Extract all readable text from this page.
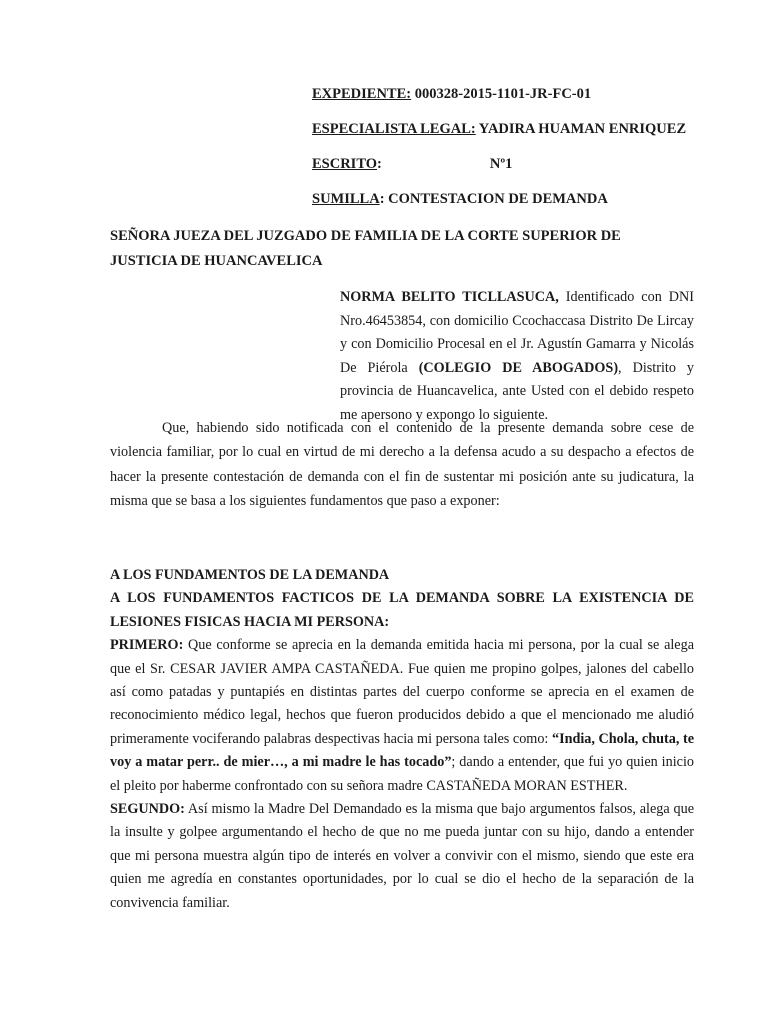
EXPEDIENTE: 000328-2015-1101-JR-FC-01
ESPECIALISTA LEGAL: YADIRA HUAMAN ENRIQUEZ
ESCRITO:	Nº1
SUMILLA: CONTESTACION DE DEMANDA
SEÑORA JUEZA DEL JUZGADO DE FAMILIA DE LA CORTE SUPERIOR DE JUSTICIA DE HUANCAVELICA
NORMA BELITO TICLLASUCA, Identificado con DNI Nro.46453854, con domicilio Ccochaccasa Distrito De Lircay y con Domicilio Procesal en el Jr. Agustín Gamarra y Nicolás De Piérola (COLEGIO DE ABOGADOS), Distrito y provincia de Huancavelica, ante Usted con el debido respeto me apersono y expongo lo siguiente.

Que, habiendo sido notificada con el contenido de la presente demanda sobre cese de violencia familiar, por lo cual en virtud de mi derecho a la defensa acudo a su despacho a efectos de hacer la presente contestación de demanda con el fin de sustentar mi posición ante su judicatura, la misma que se basa a los siguientes fundamentos que paso a exponer:

A LOS FUNDAMENTOS DE LA DEMANDA

A LOS FUNDAMENTOS FACTICOS DE LA DEMANDA SOBRE LA EXISTENCIA DE LESIONES FISICAS HACIA MI PERSONA:

PRIMERO: Que conforme se aprecia en la demanda emitida hacia mi persona, por la cual se alega que el Sr. CESAR JAVIER AMPA CASTAÑEDA. Fue quien me propino golpes, jalones del cabello así como patadas y puntapiés en distintas partes del cuerpo conforme se aprecia en el examen de reconocimiento médico legal, hechos que fueron producidos debido a que el mencionado me aludió primeramente vociferando palabras despectivas hacia mi persona tales como: “India, Chola, chuta, te voy a matar perr.. de mier…, a mi madre le has tocado”; dando a entender, que fui yo quien inicio el pleito por haberme confrontado con su señora madre CASTAÑEDA MORAN ESTHER.

SEGUNDO: Así mismo la Madre Del Demandado es la misma que bajo argumentos falsos, alega que la insulte y golpee argumentando el hecho de que no me pueda juntar con su hijo, dando a entender que mi persona muestra algún tipo de interés en volver a convivir con el mismo, siendo que este era quien me agredía en constantes oportunidades, por lo cual se dio el hecho de la separación de la convivencia familiar.
